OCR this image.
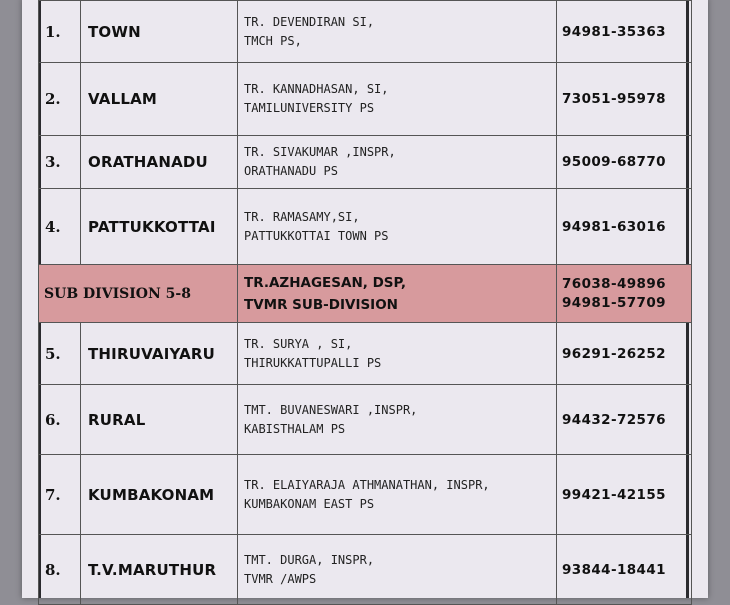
1.	TOWN	TR. DEVENDIRAN SI,
TMCH PS,	94981-35363
2.	VALLAM	TR. KANNADHASAN, SI,
TAMILUNIVERSITY PS	73051-95978
3.	ORATHANADU	TR. SIVAKUMAR ,INSPR,
ORATHANADU PS	95009-68770
4.	PATTUKKOTTAI	TR. RAMASAMY,SI,
PATTUKKOTTAI TOWN PS	94981-63016
SUB DIVISION 5-8		TR.AZHAGESAN, DSP,
TVMR SUB-DIVISION	76038-49896
94981-57709

5.	THIRUVAIYARU	TR. SURYA , SI,
THIRUKKATTUPALLI PS	96291-26252
6.	RURAL	TMT. BUVANESWARI ,INSPR,
KABISTHALAM PS	94432-72576
7.	KUMBAKONAM	TR. ELAIYARAJA ATHMANATHAN, INSPR,
KUMBAKONAM EAST PS	99421-42155
8.	T.V.MARUTHUR	TMT. DURGA, INSPR,
TVMR /AWPS	93844-18441
